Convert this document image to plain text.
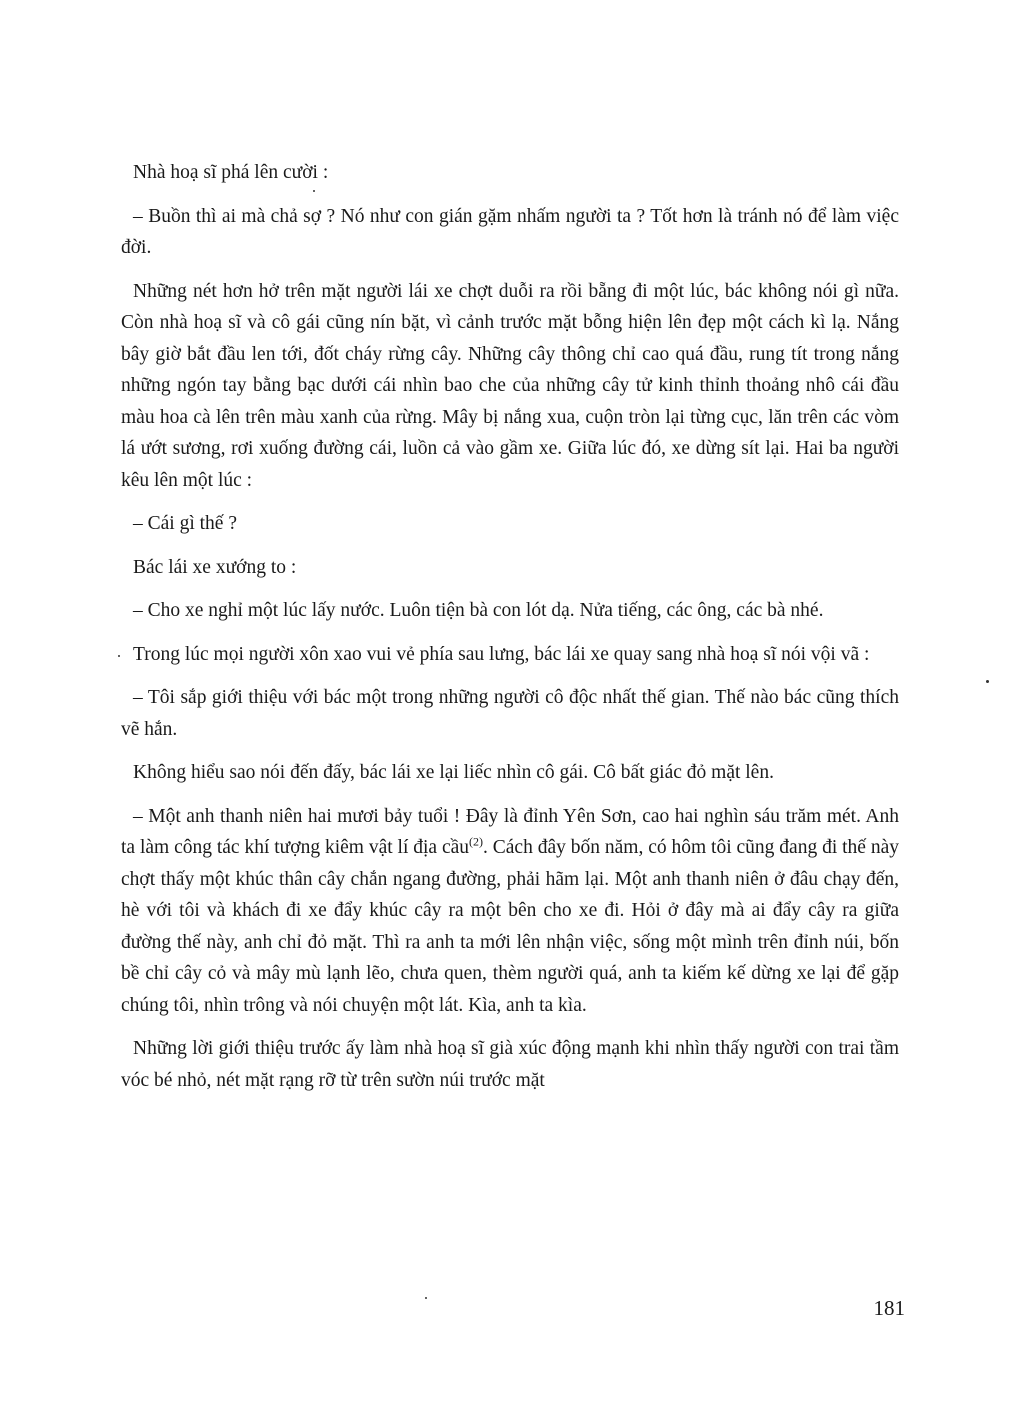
Nhà hoạ sĩ phá lên cười :

– Buồn thì ai mà chả sợ ? Nó như con gián gặm nhấm người ta ? Tốt hơn là tránh nó để làm việc đời.

Những nét hơn hở trên mặt người lái xe chợt duỗi ra rồi bẵng đi một lúc, bác không nói gì nữa. Còn nhà hoạ sĩ và cô gái cũng nín bặt, vì cảnh trước mặt bỗng hiện lên đẹp một cách kì lạ. Nắng bây giờ bắt đầu len tới, đốt cháy rừng cây. Những cây thông chỉ cao quá đầu, rung tít trong nắng những ngón tay bằng bạc dưới cái nhìn bao che của những cây tử kinh thỉnh thoảng nhô cái đầu màu hoa cà lên trên màu xanh của rừng. Mây bị nắng xua, cuộn tròn lại từng cục, lăn trên các vòm lá ướt sương, rơi xuống đường cái, luồn cả vào gầm xe. Giữa lúc đó, xe dừng sít lại. Hai ba người kêu lên một lúc :

– Cái gì thế ?

Bác lái xe xướng to :

– Cho xe nghỉ một lúc lấy nước. Luôn tiện bà con lót dạ. Nửa tiếng, các ông, các bà nhé.

Trong lúc mọi người xôn xao vui vẻ phía sau lưng, bác lái xe quay sang nhà hoạ sĩ nói vội vã :

– Tôi sắp giới thiệu với bác một trong những người cô độc nhất thế gian. Thế nào bác cũng thích vẽ hắn.

Không hiểu sao nói đến đấy, bác lái xe lại liếc nhìn cô gái. Cô bất giác đỏ mặt lên.

– Một anh thanh niên hai mươi bảy tuổi ! Đây là đỉnh Yên Sơn, cao hai nghìn sáu trăm mét. Anh ta làm công tác khí tượng kiêm vật lí địa cầu$^{(2)}$. Cách đây bốn năm, có hôm tôi cũng đang đi thế này chợt thấy một khúc thân cây chắn ngang đường, phải hãm lại. Một anh thanh niên ở đâu chạy đến, hè với tôi và khách đi xe đẩy khúc cây ra một bên cho xe đi. Hỏi ở đây mà ai đẩy cây ra giữa đường thế này, anh chỉ đỏ mặt. Thì ra anh ta mới lên nhận việc, sống một mình trên đỉnh núi, bốn bề chỉ cây cỏ và mây mù lạnh lẽo, chưa quen, thèm người quá, anh ta kiếm kế dừng xe lại để gặp chúng tôi, nhìn trông và nói chuyện một lát. Kìa, anh ta kìa.

Những lời giới thiệu trước ấy làm nhà hoạ sĩ già xúc động mạnh khi nhìn thấy người con trai tầm vóc bé nhỏ, nét mặt rạng rỡ từ trên sườn núi trước mặt

181
